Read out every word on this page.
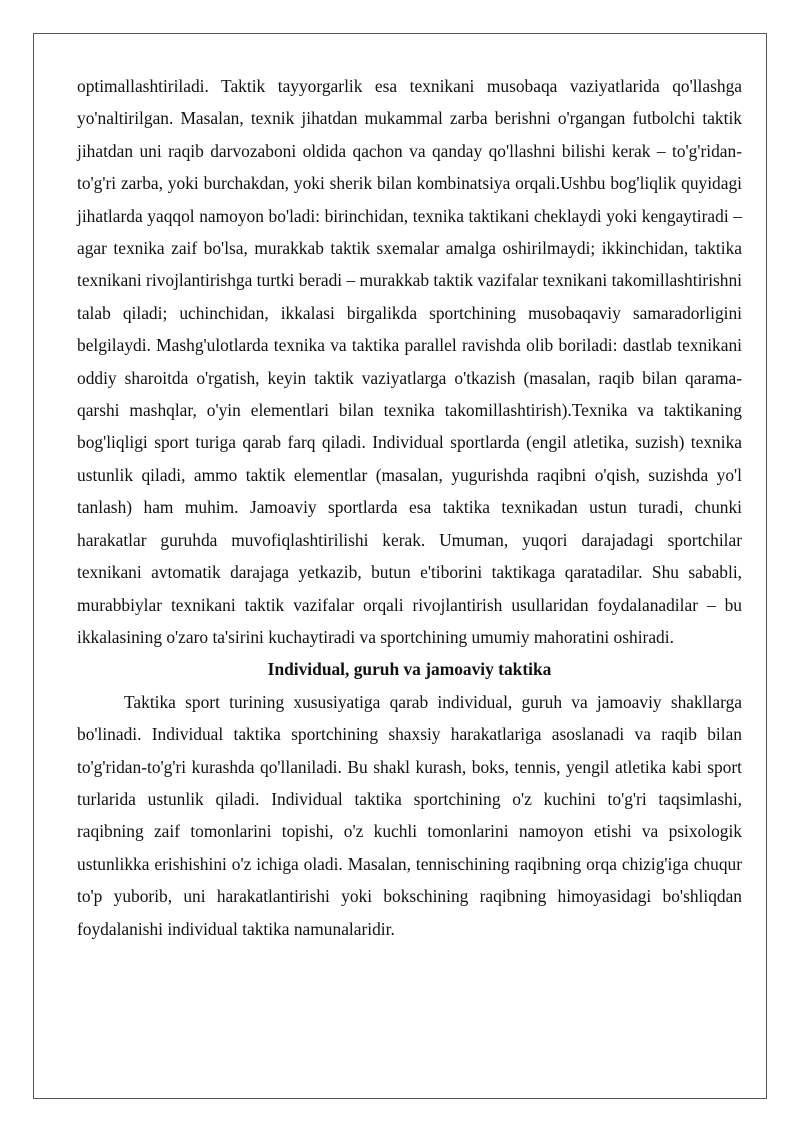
optimallashtiriladi. Taktik tayyorgarlik esa texnikani musobaqa vaziyatlarida qo'llashga yo'naltirilgan. Masalan, texnik jihatdan mukammal zarba berishni o'rgangan futbolchi taktik jihatdan uni raqib darvozaboni oldida qachon va qanday qo'llashni bilishi kerak – to'g'ridan-to'g'ri zarba, yoki burchakdan, yoki sherik bilan kombinatsiya orqali.Ushbu bog'liqlik quyidagi jihatlarda yaqqol namoyon bo'ladi: birinchidan, texnika taktikani cheklaydi yoki kengaytiradi – agar texnika zaif bo'lsa, murakkab taktik sxemalar amalga oshirilmaydi; ikkinchidan, taktika texnikani rivojlantirishga turtki beradi – murakkab taktik vazifalar texnikani takomillashtirishni talab qiladi; uchinchidan, ikkalasi birgalikda sportchining musobaqaviy samaradorligini belgilaydi. Mashg'ulotlarda texnika va taktika parallel ravishda olib boriladi: dastlab texnikani oddiy sharoitda o'rgatish, keyin taktik vaziyatlarga o'tkazish (masalan, raqib bilan qarama-qarshi mashqlar, o'yin elementlari bilan texnika takomillashtirish).Texnika va taktikaning bog'liqligi sport turiga qarab farq qiladi. Individual sportlarda (engil atletika, suzish) texnika ustunlik qiladi, ammo taktik elementlar (masalan, yugurishda raqibni o'qish, suzishda yo'l tanlash) ham muhim. Jamoaviy sportlarda esa taktika texnikadan ustun turadi, chunki harakatlar guruhda muvofiqlashtirilishi kerak. Umuman, yuqori darajadagi sportchilar texnikani avtomatik darajaga yetkazib, butun e'tiborini taktikaga qaratadilar. Shu sababli, murabbiylar texnikani taktik vazifalar orqali rivojlantirish usullaridan foydalanadilar – bu ikkalasining o'zaro ta'sirini kuchaytiradi va sportchining umumiy mahoratini oshiradi.

Individual, guruh va jamoaviy taktika

Taktika sport turining xususiyatiga qarab individual, guruh va jamoaviy shakllarga bo'linadi. Individual taktika sportchining shaxsiy harakatlariga asoslanadi va raqib bilan to'g'ridan-to'g'ri kurashda qo'llaniladi. Bu shakl kurash, boks, tennis, yengil atletika kabi sport turlarida ustunlik qiladi. Individual taktika sportchining o'z kuchini to'g'ri taqsimlashi, raqibning zaif tomonlarini topishi, o'z kuchli tomonlarini namoyon etishi va psixologik ustunlikka erishishini o'z ichiga oladi. Masalan, tennischining raqibning orqa chizig'iga chuqur to'p yuborib, uni harakatlantirishi yoki bokschining raqibning himoyasidagi bo'shliqdan foydalanishi individual taktika namunalaridir.
